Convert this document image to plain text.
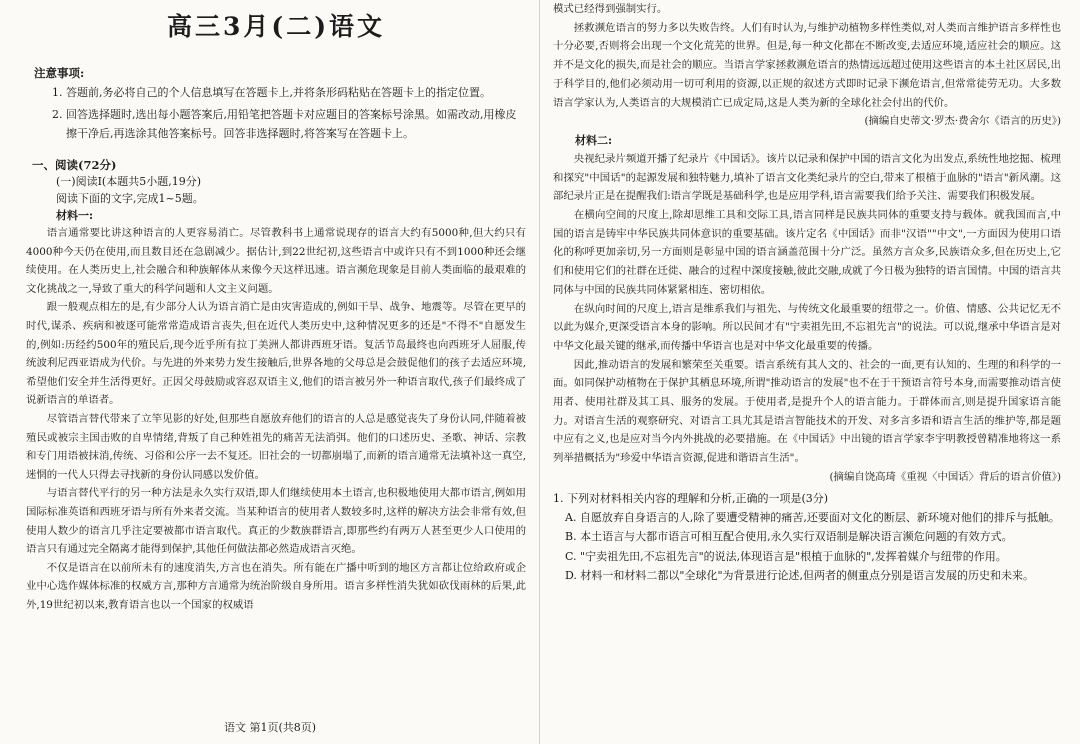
高三3月(二)语文
注意事项:
1. 答题前,务必将自己的个人信息填写在答题卡上,并将条形码粘贴在答题卡上的指定位置。
2. 回答选择题时,选出每小题答案后,用铅笔把答题卡对应题目的答案标号涂黑。如需改动,用橡皮擦干净后,再选涂其他答案标号。回答非选择题时,将答案写在答题卡上。
一、阅读(72分)
(一)阅读Ⅰ(本题共5小题,19分)
阅读下面的文字,完成1~5题。
材料一:

语言通常要比讲这种语言的人更容易消亡。尽管教科书上通常说现存的语言大约有5000种,但大约只有4000种今天仍在使用,而且数目还在急剧减少。据估计,到22世纪初,这些语言中或许只有不到1000种还会继续使用。在人类历史上,社会融合和种族解体从来像今天这样迅速。语言濒危现象是目前人类面临的最艰难的文化挑战之一,导致了重大的科学问题和人文主义问题。

跟一般观点相左的是,有少部分人认为语言消亡是由灾害造成的,例如干旱、战争、地震等。尽管在更早的时代,谋杀、疾病和被逐可能常常造成语言丧失,但在近代人类历史中,这种情况更多的还是"不得不"自愿发生的,例如:历经约500年的殖民后,现今近乎所有拉丁美洲人都讲西班牙语。复活节岛最终也向西班牙人屈服,传统波利尼西亚语成为代价。与先进的外来势力发生接触后,世界各地的父母总是会鼓促他们的孩子去适应环境,希望他们安全并生活得更好。正因父母鼓励或容忍双语主义,他们的语言被另外一种语言取代,孩子们最终成了说新语言的单语者。

尽管语言替代带来了立竿见影的好处,但那些自愿放弃他们的语言的人总是感觉丧失了身份认同,伴随着被殖民或被宗主国击败的自卑情绪,背叛了自己种姓祖先的痛苦无法消弭。他们的口述历史、圣歌、神话、宗教和专门用语被抹消,传统、习俗和公序一去不复还。旧社会的一切都崩塌了,而新的语言通常无法填补这一真空,迷惘的一代人只得去寻找新的身份认同感以发价值。

与语言替代平行的另一种方法是永久实行双语,即人们继续使用本土语言,也积极地使用大都市语言,例如用国际标准英语和西班牙语与所有外来者交流。当某种语言的使用者人数较多时,这样的解决方法会非常有效,但使用人数少的语言几乎注定要被都市语言取代。真正的少数族群语言,即那些约有两万人甚至更少人口使用的语言只有通过完全隔离才能得到保护,其他任何做法都必然造成语言灭绝。

不仅是语言在以前所未有的速度消失,方言也在消失。所有能在广播中听到的地区方言都让位给政府或企业中心选作媒体标准的权威方言,那种方言通常为统治阶级自身所用。语言多样性消失犹如砍伐雨林的后果,此外,19世纪初以来,教育语言也以一个国家的权威语

语文 第1页(共8页)

模式已经得到强制实行。

拯救濒危语言的努力多以失败告终。人们有时认为,与维护动植物多样性类似,对人类而言维护语言多样性也十分必要,否则将会出现一个文化荒芜的世界。但是,每一种文化都在不断改变,去适应环境,适应社会的顺应。这并不是文化的损失,而是社会的顺应。当语言学家拯救濒危语言的热情远远超过使用这些语言的本土社区居民,出于科学目的,他们必须动用一切可利用的资源,以正规的叙述方式即时记录下濒危语言,但常常徒劳无功。大多数语言学家认为,人类语言的大规模消亡已成定局,这是人类为新的全球化社会付出的代价。

(摘编自史蒂文·罗杰·费舍尔《语言的历史》)

材料二:

央视纪录片频道开播了纪录片《中国话》。该片以记录和保护中国的语言文化为出发点,系统性地挖掘、梳理和探究"中国话"的起源发展和独特魅力,填补了语言文化类纪录片的空白,带来了根植于血脉的"语言"新风潮。这部纪录片正是在提醒我们:语言学既是基础科学,也是应用学科,语言需要我们给予关注、需要我们积极发展。

在横向空间的尺度上,除却思维工具和交际工具,语言同样是民族共同体的重要支持与载体。就我国而言,中国的语言是铸牢中华民族共同体意识的重要基础。该片定名《中国话》而非"汉语""中文",一方面因为使用口语化的称呼更加亲切,另一方面则是彰显中国的语言涵盖范围十分广泛。虽然方言众多,民族语众多,但在历史上,它们和使用它们的社群在迁徙、融合的过程中深度接触,彼此交融,成就了今日极为独特的语言国情。中国的语言共同体与中国的民族共同体紧紧相连、密切相依。

在纵向时间的尺度上,语言是维系我们与祖先、与传统文化最重要的纽带之一。价值、情感、公共记忆无不以此为媒介,更深受语言本身的影响。所以民间才有"宁卖祖先田,不忘祖先言"的说法。可以说,继承中华语言是对中华文化最关键的继承,而传播中华语言也是对中华文化最重要的传播。

因此,推动语言的发展和繁荣至关重要。语言系统有其人文的、社会的一面,更有认知的、生理的和科学的一面。如同保护动植物在于保护其栖息环境,所谓"推动语言的发展"也不在于干预语言符号本身,而需要推动语言使用者、使用社群及其工具、服务的发展。于使用者,是提升个人的语言能力。于群体而言,则是提升国家语言能力。对语言生活的观察研究、对语言工具尤其是语言智能技术的开发、对多言多语和语言生活的维护等,都是题中应有之义,也是应对当今内外挑战的必要措施。在《中国话》中出镜的语言学家李宇明教授曾精准地将这一系列举措概括为"珍爱中华语言资源,促进和谐语言生活"。

(摘编自饶高琦《重视〈中国话〉背后的语言价值》)

1. 下列对材料相关内容的理解和分析,正确的一项是(3分)
A. 自愿放弃自身语言的人,除了要遭受精神的痛苦,还要面对文化的断层、新环境对他们的排斥与抵触。
B. 本土语言与大都市语言可相互配合使用,永久实行双语制是解决语言濒危问题的有效方式。
C. "宁卖祖先田,不忘祖先言"的说法,体现语言是"根植于血脉的",发挥着媒介与纽带的作用。
D. 材料一和材料二都以"全球化"为背景进行论述,但两者的侧重点分别是语言发展的历史和未来。
